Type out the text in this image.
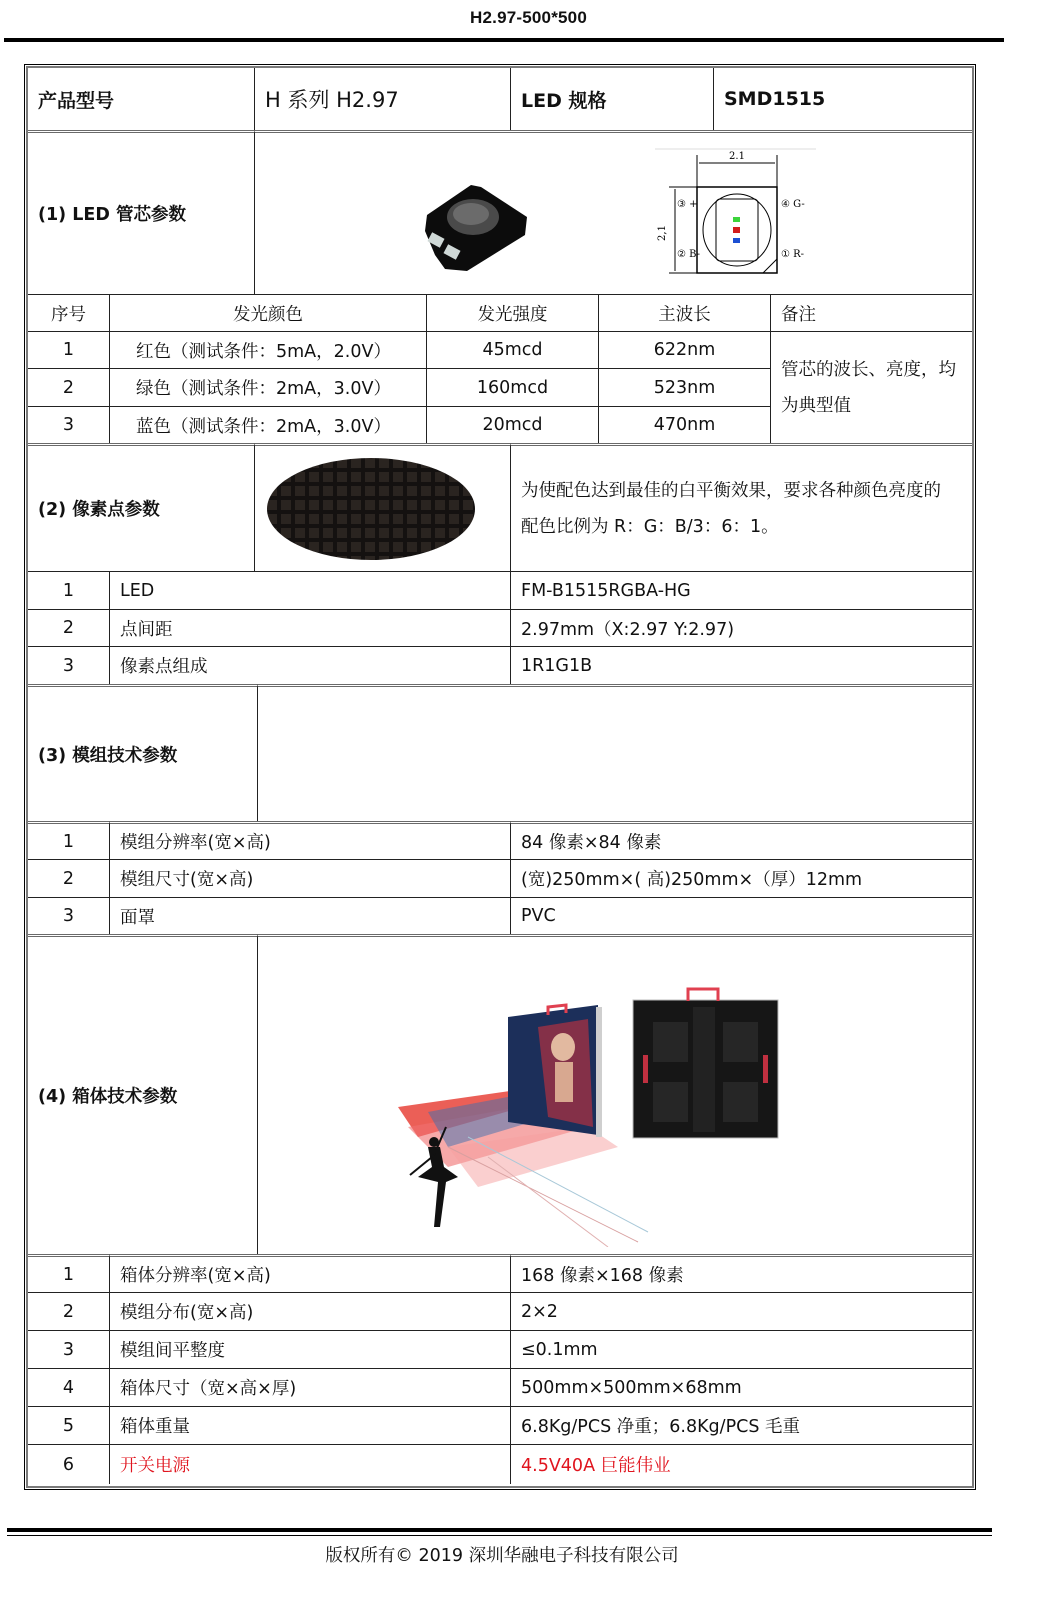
H2.97-500*500
产品型号	H 系列 H2.97	LED 规格	SMD1515
(1) LED 管芯参数
2.1
2,1
③ +
② B-
④ G-
① R-
序号	发光颜色	发光强度	主波长	备注
1	红色（测试条件：5mA，2.0V）	45mcd	622nm
2	绿色（测试条件：2mA，3.0V）	160mcd	523nm
3	蓝色（测试条件：2mA，3.0V）	20mcd	470nm
管芯的波长、亮度，均
为典型值
(2) 像素点参数
为使配色达到最佳的白平衡效果，要求各种颜色亮度的
配色比例为 R：G：B/3：6：1。
1	LED	FM-B1515RGBA-HG
2	点间距	2.97mm（X:2.97 Y:2.97)
3	像素点组成	1R1G1B
(3) 模组技术参数
1	模组分辨率(宽×高)	84 像素×84 像素
2	模组尺寸(宽×高)	(宽)250mm×( 高)250mm×（厚）12mm
3	面罩	PVC
(4) 箱体技术参数
1	箱体分辨率(宽×高)	168 像素×168 像素
2	模组分布(宽×高)	2×2
3	模组间平整度	≤0.1mm
4	箱体尺寸（宽×高×厚)	500mm×500mm×68mm
5	箱体重量	6.8Kg/PCS 净重；6.8Kg/PCS 毛重
6	开关电源	4.5V40A 巨能伟业
版权所有© 2019 深圳华融电子科技有限公司
